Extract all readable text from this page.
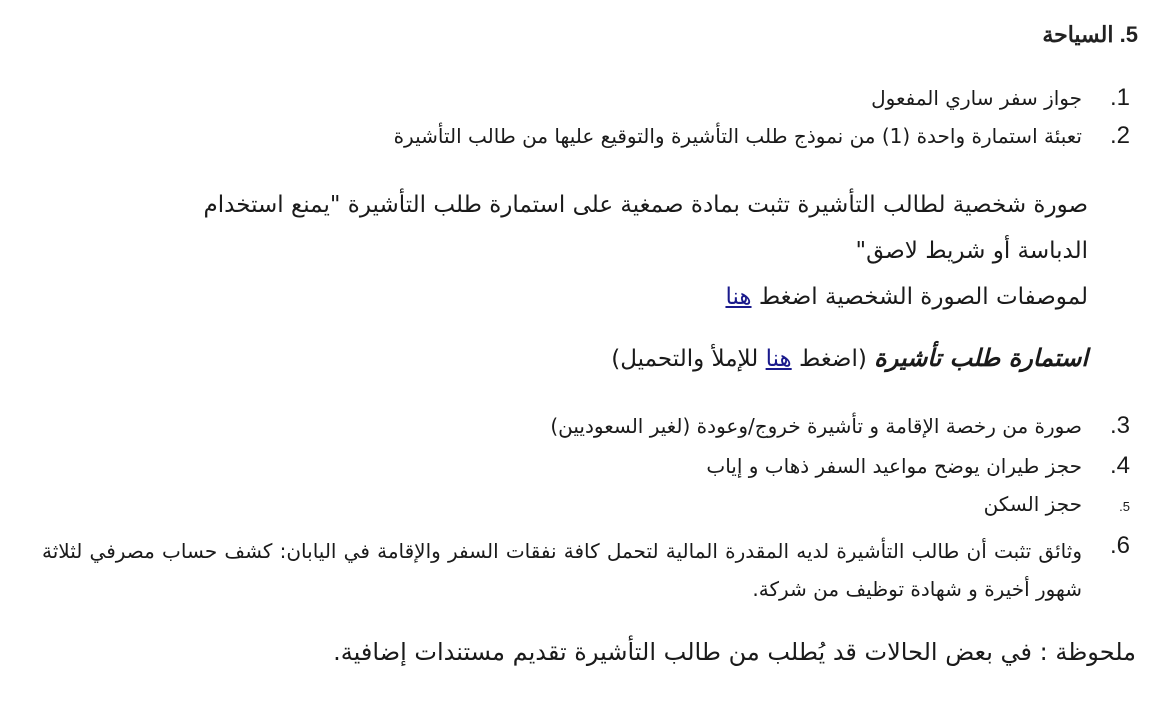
5. السياحة
1.
جواز سفر ساري المفعول
2.
تعبئة استمارة واحدة (1) من نموذج طلب التأشيرة والتوقيع عليها من طالب التأشيرة

صورة شخصية لطالب التأشيرة تثبت بمادة صمغية على استمارة طلب التأشيرة "يمنع استخدام

الدباسة أو شريط لاصق"

لموصفات الصورة الشخصية اضغط هنا

استمارة طلب تأشيرة (اضغط هنا للإملأ والتحميل)
3.
صورة من رخصة الإقامة و تأشيرة خروج/وعودة (لغير السعوديين)
4.
حجز طيران يوضح مواعيد السفر ذهاب و إياب
5.
حجز السكن
6.
وثائق تثبت أن طالب التأشيرة لديه المقدرة المالية لتحمل كافة نفقات السفر والإقامة في اليابان: كشف حساب مصرفي لثلاثة شهور أخيرة و شهادة توظيف من شركة.
ملحوظة : في بعض الحالات قد يُطلب من طالب التأشيرة تقديم مستندات إضافية.
